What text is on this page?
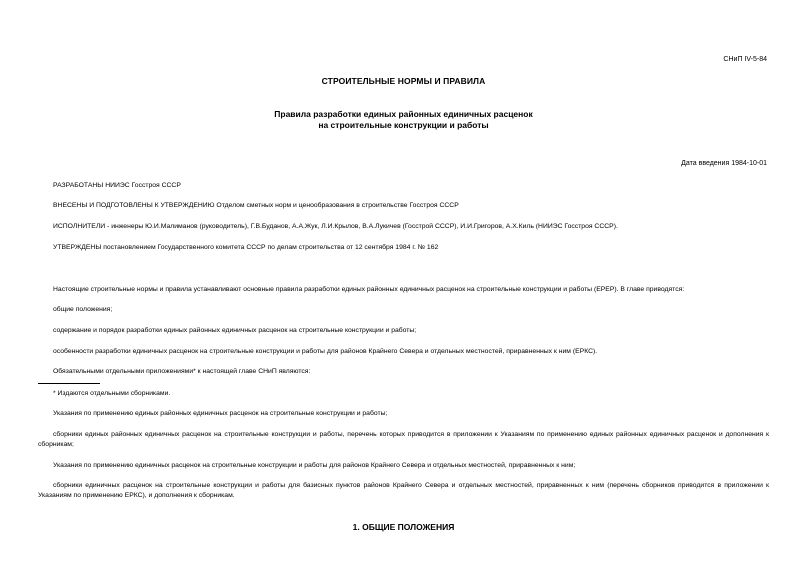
СНиП IV-5-84
СТРОИТЕЛЬНЫЕ НОРМЫ И ПРАВИЛА
Правила разработки единых районных единичных расценок
на строительные конструкции и работы
Дата введения 1984-10-01
РАЗРАБОТАНЫ НИИЭС Госстроя СССР
ВНЕСЕНЫ И ПОДГОТОВЛЕНЫ К УТВЕРЖДЕНИЮ Отделом сметных норм и ценообразования в строительстве Госстроя СССР
ИСПОЛНИТЕЛИ - инженеры Ю.И.Малиманов (руководитель), Г.В.Буданов, А.А.Жук, Л.И.Крылов, В.А.Лукичев (Госстрой СССР), И.И.Григоров, А.Х.Киль (НИИЭС Госстроя СССР).
УТВЕРЖДЕНЫ постановлением Государственного комитета СССР по делам строительства от 12 сентября 1984 г. № 162
Настоящие строительные нормы и правила устанавливают основные правила разработки единых районных единичных расценок на строительные конструкции и работы (ЕРЕР). В главе приводятся:
общие положения;
содержание и порядок разработки единых районных единичных расценок на строительные конструкции и работы;
особенности разработки единичных расценок на строительные конструкции и работы для районов Крайнего Севера и отдельных местностей, приравненных к ним (ЕРКС).
Обязательными отдельными приложениями* к настоящей главе СНиП являются:
* Издаются отдельными сборниками.
Указания по применению единых районных единичных расценок на строительные конструкции и работы;
сборники единых районных единичных расценок на строительные конструкции и работы, перечень которых приводится в приложении к Указаниям по применению единых районных единичных расценок и дополнения к сборникам;
Указания по применению единичных расценок на строительные конструкции и работы для районов Крайнего Севера и отдельных местностей, приравненных к ним;
сборники единичных расценок на строительные конструкции и работы для базисных пунктов районов Крайнего Севера и отдельных местностей, приравненных к ним (перечень сборников приводится в приложении к Указаниям по применению ЕРКС), и дополнения к сборникам.
1. ОБЩИЕ ПОЛОЖЕНИЯ
